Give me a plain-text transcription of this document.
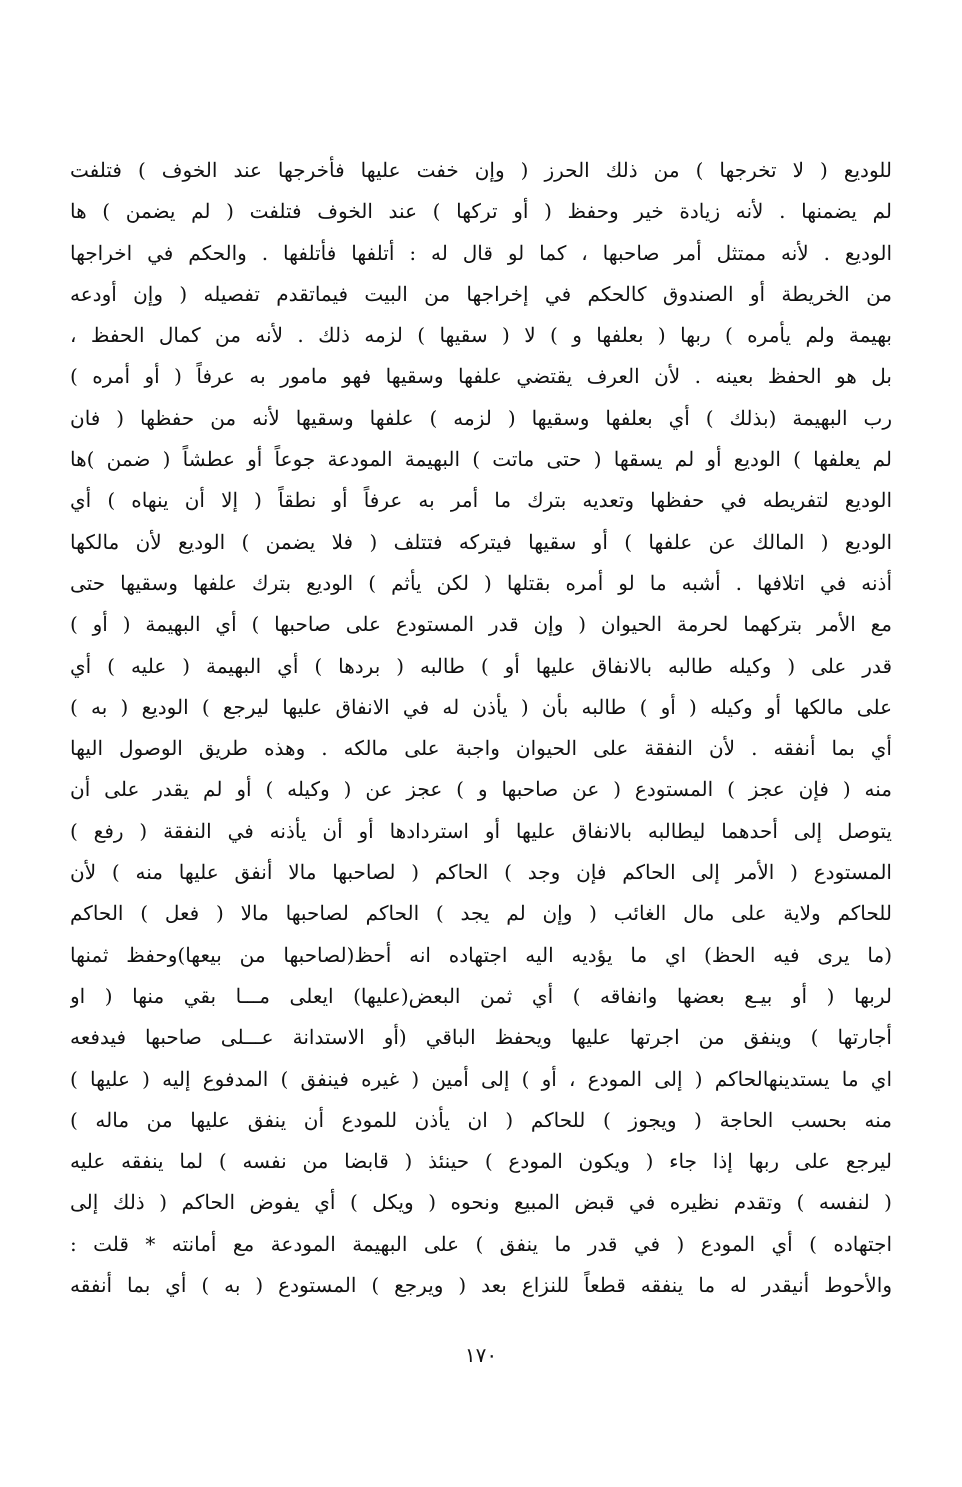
للوديع ( لا تخرجها ) من ذلك الحرز ( وإن خفت عليها فأخرجها عند الخوف ) فتلفت
لم يضمنها . لأنه زيادة خير وحفظ ( أو تركها ) عند الخوف فتلفت ( لم يضمن ) ها
الوديع . لأنه ممتثل أمر صاحبها ، كما لو قال له : أتلفها فأتلفها . والحكم في اخراجها
من الخريطة أو الصندوق كالحكم في إخراجها من البيت فيماتقدم تفصيله ( وإن أودعه
بهيمة ولم يأمره ) ربها ( بعلفها و ) لا ( سقيها ) لزمه ذلك . لأنه من كمال الحفظ ،
بل هو الحفظ بعينه . لأن العرف يقتضي علفها وسقيها فهو مامور به عرفاً ( أو أمره )
رب البهيمة (بذلك ) أي بعلفها وسقيها ( لزمه ) علفها وسقيها لأنه من حفظها ( فان
لم يعلفها ) الوديع أو لم يسقها ( حتى ماتت ) البهيمة المودعة جوعاً أو عطشاً ( ضمن )ها
الوديع لتفريطه في حفظها وتعديه بترك ما أمر به عرفاً أو نطقاً ( إلا أن ينهاه ) أي
الوديع ( المالك عن علفها ) أو سقيها فيتركه فتتلف ( فلا يضمن ) الوديع لأن مالكها
أذنه في اتلافها . أشبه ما لو أمره بقتلها ( لكن يأثم ) الوديع بترك علفها وسقيها حتى
مع الأمر بتركهما لحرمة الحيوان ( وإن قدر المستودع على صاحبها ) أي البهيمة ( أو )
قدر على ( وكيله طالبه بالانفاق عليها أو ) طالبه ( بردها ) أي البهيمة ( عليه ) أي
على مالكها أو وكيله ( أو ) طالبه بأن ( يأذن له في الانفاق عليها ليرجع ) الوديع ( به )
أي بما أنفقه . لأن النفقة على الحيوان واجبة على مالكه . وهذه طريق الوصول اليها
منه ( فإن عجز ) المستودع ( عن صاحبها و ) عجز عن ( وكيله ) أو لم يقدر على أن
يتوصل إلى أحدهما ليطالبه بالانفاق عليها أو استردادها أو أن يأذنه في النفقة ( رفع )
المستودع ( الأمر إلى الحاكم فإن وجد ) الحاكم ( لصاحبها مالا أنفق عليها منه ) لأن
للحاكم ولاية على مال الغائب ( وإن لم يجد ) الحاكم لصاحبها مالا ( فعل ) الحاكم
(ما يرى فيه الحظ) اي ما يؤديه اليه اجتهاده انه أحظ(لصاحبها من بيعها)وحفظ ثمنها
لربها ( أو بيـع بعضها وانفاقه ) أي ثمن البعض(عليها) ايعلى مـــا بقي منها ( او
أجارتها ) وينفق من اجرتها عليها ويحفظ الباقي (أو الاستدانة عـــلى صاحبها فيدفعه
اي ما يستدينهالحاكم ( إلى المودع ، أو ) إلى أمين ( غيره فينفق ) المدفوع إليه ( عليها )
منه بحسب الحاجة ( ويجوز ) للحاكم ( ان يأذن للمودع أن ينفق عليها من ماله )
ليرجع على ربها إذا جاء ( ويكون المودع ) حينئذ ( قابضا من نفسه ) لما ينفقه عليه
( لنفسه ) وتقدم نظيره في قبض المبيع ونحوه ( ويكل ) أي يفوض الحاكم ( ذلك إلى
اجتهاده ) أي المودع ( في قدر ما ينفق ) على البهيمة المودعة مع أمانته * قلت :
والأحوط أنيقدر له ما ينفقه قطعاً للنزاع بعد ( ويرجع ) المستودع ( به ) أي بما أنفقه
١٧٠
